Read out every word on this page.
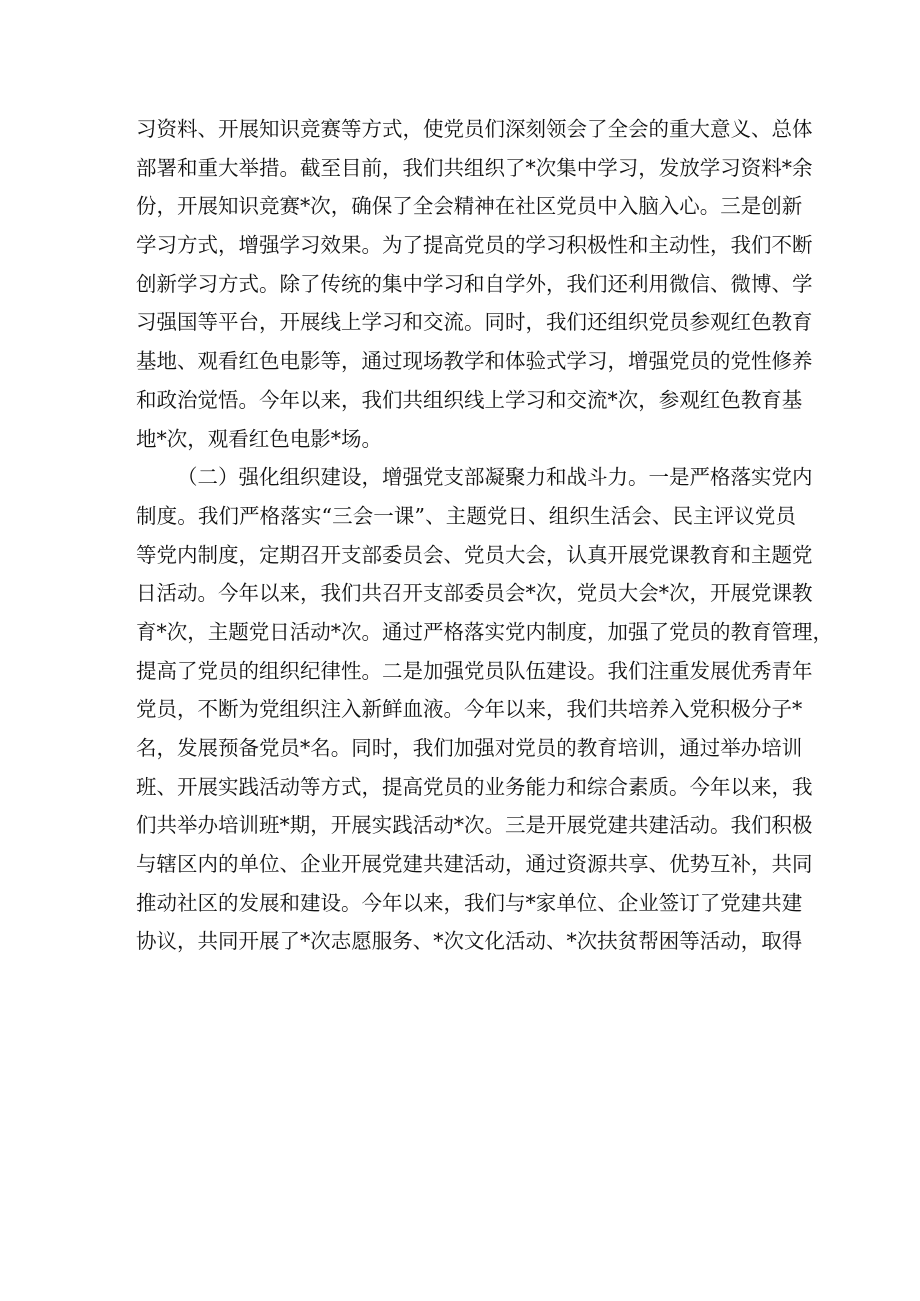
习资料、开展知识竞赛等方式，使党员们深刻领会了全会的重大意义、总体
部署和重大举措。截至目前，我们共组织了*次集中学习，发放学习资料*余
份，开展知识竞赛*次，确保了全会精神在社区党员中入脑入心。三是创新
学习方式，增强学习效果。为了提高党员的学习积极性和主动性，我们不断
创新学习方式。除了传统的集中学习和自学外，我们还利用微信、微博、学
习强国等平台，开展线上学习和交流。同时，我们还组织党员参观红色教育
基地、观看红色电影等，通过现场教学和体验式学习，增强党员的党性修养
和政治觉悟。今年以来，我们共组织线上学习和交流*次，参观红色教育基
地*次，观看红色电影*场。
（二）强化组织建设，增强党支部凝聚力和战斗力。一是严格落实党内
制度。我们严格落实“三会一课”、主题党日、组织生活会、民主评议党员
等党内制度，定期召开支部委员会、党员大会，认真开展党课教育和主题党
日活动。今年以来，我们共召开支部委员会*次，党员大会*次，开展党课教
育*次，主题党日活动*次。通过严格落实党内制度，加强了党员的教育管理，
提高了党员的组织纪律性。二是加强党员队伍建设。我们注重发展优秀青年
党员，不断为党组织注入新鲜血液。今年以来，我们共培养入党积极分子*
名，发展预备党员*名。同时，我们加强对党员的教育培训，通过举办培训
班、开展实践活动等方式，提高党员的业务能力和综合素质。今年以来，我
们共举办培训班*期，开展实践活动*次。三是开展党建共建活动。我们积极
与辖区内的单位、企业开展党建共建活动，通过资源共享、优势互补，共同
推动社区的发展和建设。今年以来，我们与*家单位、企业签订了党建共建
协议，共同开展了*次志愿服务、*次文化活动、*次扶贫帮困等活动，取得
